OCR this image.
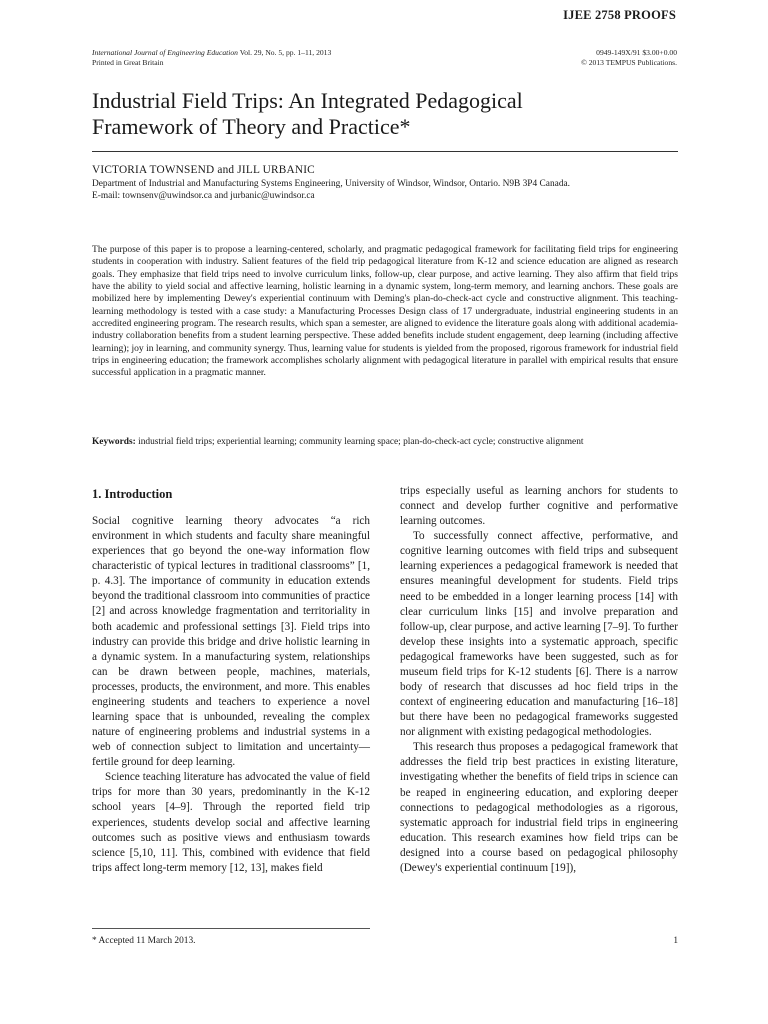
IJEE 2758 PROOFS
International Journal of Engineering Education Vol. 29, No. 5, pp. 1–11, 2013
Printed in Great Britain
0949-149X/91 $3.00+0.00
© 2013 TEMPUS Publications.
Industrial Field Trips: An Integrated Pedagogical
Framework of Theory and Practice*
VICTORIA TOWNSEND and JILL URBANIC
Department of Industrial and Manufacturing Systems Engineering, University of Windsor, Windsor, Ontario. N9B 3P4 Canada.
E-mail: townsenv@uwindsor.ca and jurbanic@uwindsor.ca
The purpose of this paper is to propose a learning-centered, scholarly, and pragmatic pedagogical framework for facilitating field trips for engineering students in cooperation with industry. Salient features of the field trip pedagogical literature from K-12 and science education are aligned as research goals. They emphasize that field trips need to involve curriculum links, follow-up, clear purpose, and active learning. They also affirm that field trips have the ability to yield social and affective learning, holistic learning in a dynamic system, long-term memory, and learning anchors. These goals are mobilized here by implementing Dewey's experiential continuum with Deming's plan-do-check-act cycle and constructive alignment. This teaching-learning methodology is tested with a case study: a Manufacturing Processes Design class of 17 undergraduate, industrial engineering students in an accredited engineering program. The research results, which span a semester, are aligned to evidence the literature goals along with additional academia-industry collaboration benefits from a student learning perspective. These added benefits include student engagement, deep learning (including affective learning); joy in learning, and community synergy. Thus, learning value for students is yielded from the proposed, rigorous framework for industrial field trips in engineering education; the framework accomplishes scholarly alignment with pedagogical literature in parallel with empirical results that ensure successful application in a pragmatic manner.
Keywords: industrial field trips; experiential learning; community learning space; plan-do-check-act cycle; constructive alignment
1. Introduction

Social cognitive learning theory advocates “a rich environment in which students and faculty share meaningful experiences that go beyond the one-way information flow characteristic of typical lectures in traditional classrooms” [1, p. 4.3]. The importance of community in education extends beyond the traditional classroom into communities of practice [2] and across knowledge fragmentation and territoriality in both academic and professional settings [3]. Field trips into industry can provide this bridge and drive holistic learning in a dynamic system. In a manufacturing system, relationships can be drawn between people, machines, materials, processes, products, the environment, and more. This enables engineering students and teachers to experience a novel learning space that is unbounded, revealing the complex nature of engineering problems and industrial systems in a web of connection subject to limitation and uncertainty—fertile ground for deep learning.

Science teaching literature has advocated the value of field trips for more than 30 years, predominantly in the K-12 school years [4–9]. Through the reported field trip experiences, students develop social and affective learning outcomes such as positive views and enthusiasm towards science [5,10, 11]. This, combined with evidence that field trips affect long-term memory [12, 13], makes field

trips especially useful as learning anchors for students to connect and develop further cognitive and performative learning outcomes.

To successfully connect affective, performative, and cognitive learning outcomes with field trips and subsequent learning experiences a pedagogical framework is needed that ensures meaningful development for students. Field trips need to be embedded in a longer learning process [14] with clear curriculum links [15] and involve preparation and follow-up, clear purpose, and active learning [7–9]. To further develop these insights into a systematic approach, specific pedagogical frameworks have been suggested, such as for museum field trips for K-12 students [6]. There is a narrow body of research that discusses ad hoc field trips in the context of engineering education and manufacturing [16–18] but there have been no pedagogical frameworks suggested nor alignment with existing pedagogical methodologies.

This research thus proposes a pedagogical framework that addresses the field trip best practices in existing literature, investigating whether the benefits of field trips in science can be reaped in engineering education, and exploring deeper connections to pedagogical methodologies as a rigorous, systematic approach for industrial field trips in engineering education. This research examines how field trips can be designed into a course based on pedagogical philosophy (Dewey's experiential continuum [19]),

* Accepted 11 March 2013.	1
